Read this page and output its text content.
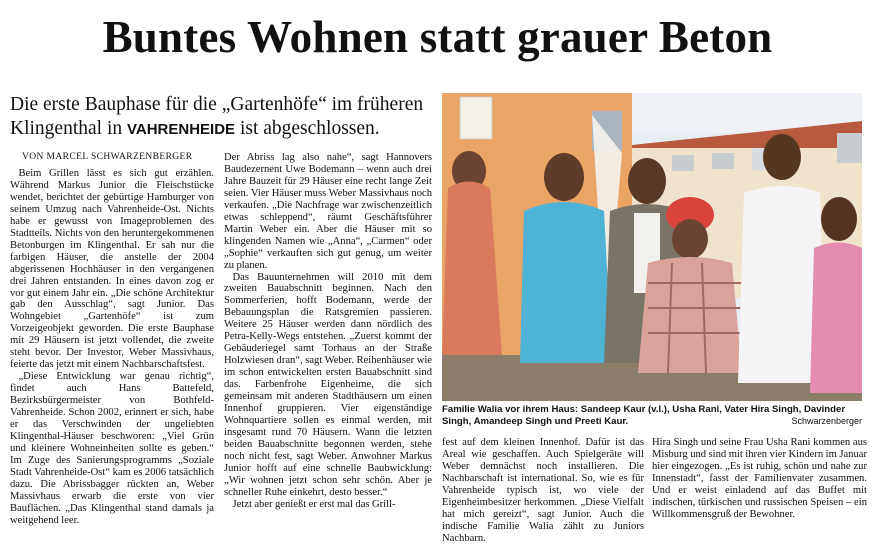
Buntes Wohnen statt grauer Beton
Die erste Bauphase für die „Gartenhöfe“ im früheren Klingenthal in VAHRENHEIDE ist abgeschlossen.
VON MARCEL SCHWARZENBERGER

Beim Grillen lässt es sich gut erzählen. Während Markus Junior die Fleischstücke wendet, berichtet der gebürtige Hamburger von seinem Umzug nach Vahrenheide-Ost. Nichts habe er gewusst von Imageproblemen des Stadtteils. Nichts von den heruntergekommenen Betonburgen im Klingenthal. Er sah nur die farbigen Häuser, die anstelle der 2004 abgerissenen Hochhäuser in den vergangenen drei Jahren entstanden. In eines davon zog er vor gut einem Jahr ein. „Die schöne Architektur gab den Ausschlag“, sagt Junior. Das Wohngebiet „Gartenhöfe“ ist zum Vorzeigeobjekt geworden. Die erste Bauphase mit 29 Häusern ist jetzt vollendet, die zweite steht bevor. Der Investor, Weber Massivhaus, feierte das jetzt mit einem Nachbarschaftsfest.

„Diese Entwicklung war genau richtig“, findet auch Hans Battefeld, Bezirksbürgermeister von Bothfeld-Vahrenheide. Schon 2002, erinnert er sich, habe er das Verschwinden der ungeliebten Klingenthal-Häuser beschworen: „Viel Grün und kleinere Wohneinheiten sollte es geben.“ Im Zuge des Sanierungsprogramms „Soziale Stadt Vahrenheide-Ost“ kam es 2006 tatsächlich dazu. Die Abrissbagger rückten an, Weber Massivhaus erwarb die erste von vier Bauflächen. „Das Klingenthal stand damals ja weitgehend leer.

Der Abriss lag also nahe“, sagt Hannovers Baudezernent Uwe Bodemann – wenn auch drei Jahre Bauzeit für 29 Häuser eine recht lange Zeit seien. Vier Häuser muss Weber Massivhaus noch verkaufen. „Die Nachfrage war zwischenzeitlich etwas schleppend“, räumt Geschäftsführer Martin Weber ein. Aber die Häuser mit so klingenden Namen wie „Anna“, „Carmen“ oder „Sophie“ verkauften sich gut genug, um weiter zu planen.

Das Bauunternehmen will 2010 mit dem zweiten Bauabschnitt beginnen. Nach den Sommerferien, hofft Bodemann, werde der Bebauungsplan die Ratsgremien passieren. Weitere 25 Häuser werden dann nördlich des Petra-Kelly-Wegs entstehen. „Zuerst kommt der Gebäuderiegel samt Torhaus an der Straße Holzwiesen dran“, sagt Weber. Reihenhäuser wie im schon entwickelten ersten Bauabschnitt sind das. Farbenfrohe Eigenheime, die sich gemeinsam mit anderen Stadthäusern um einen Innenhof gruppieren. Vier eigenständige Wohnquartiere sollen es einmal werden, mit insgesamt rund 70 Häusern. Wann die letzten beiden Bauabschnitte begonnen werden, stehe noch nicht fest, sagt Weber. Anwohner Markus Junior hofft auf eine schnelle Baubwicklung: „Wir wohnen jetzt schon sehr schön. Aber je schneller Ruhe einkehrt, desto besser.“

Jetzt aber genießt er erst mal das Grill-

Familie Walia vor ihrem Haus: Sandeep Kaur (v.l.), Usha Rani, Vater Hira Singh, Davinder Singh, Amandeep Singh und Preeti Kaur.	Schwarzenberger

fest auf dem kleinen Innenhof. Dafür ist das Areal wie geschaffen. Auch Spielgeräte will Weber demnächst noch installieren. Die Nachbarschaft ist international. So, wie es für Vahrenheide typisch ist, wo viele der Eigenheimbesitzer herkommen. „Diese Vielfalt hat mich gereizt“, sagt Junior. Auch die indische Familie Walia zählt zu Juniors Nachbarn.

Hira Singh und seine Frau Usha Rani kommen aus Misburg und sind mit ihren vier Kindern im Januar hier eingezogen. „Es ist ruhig, schön und nahe zur Innenstadt“, fasst der Familienvater zusammen. Und er weist einladend auf das Buffet mit indischen, türkischen und russischen Speisen – ein Willkommensgruß der Bewohner.
